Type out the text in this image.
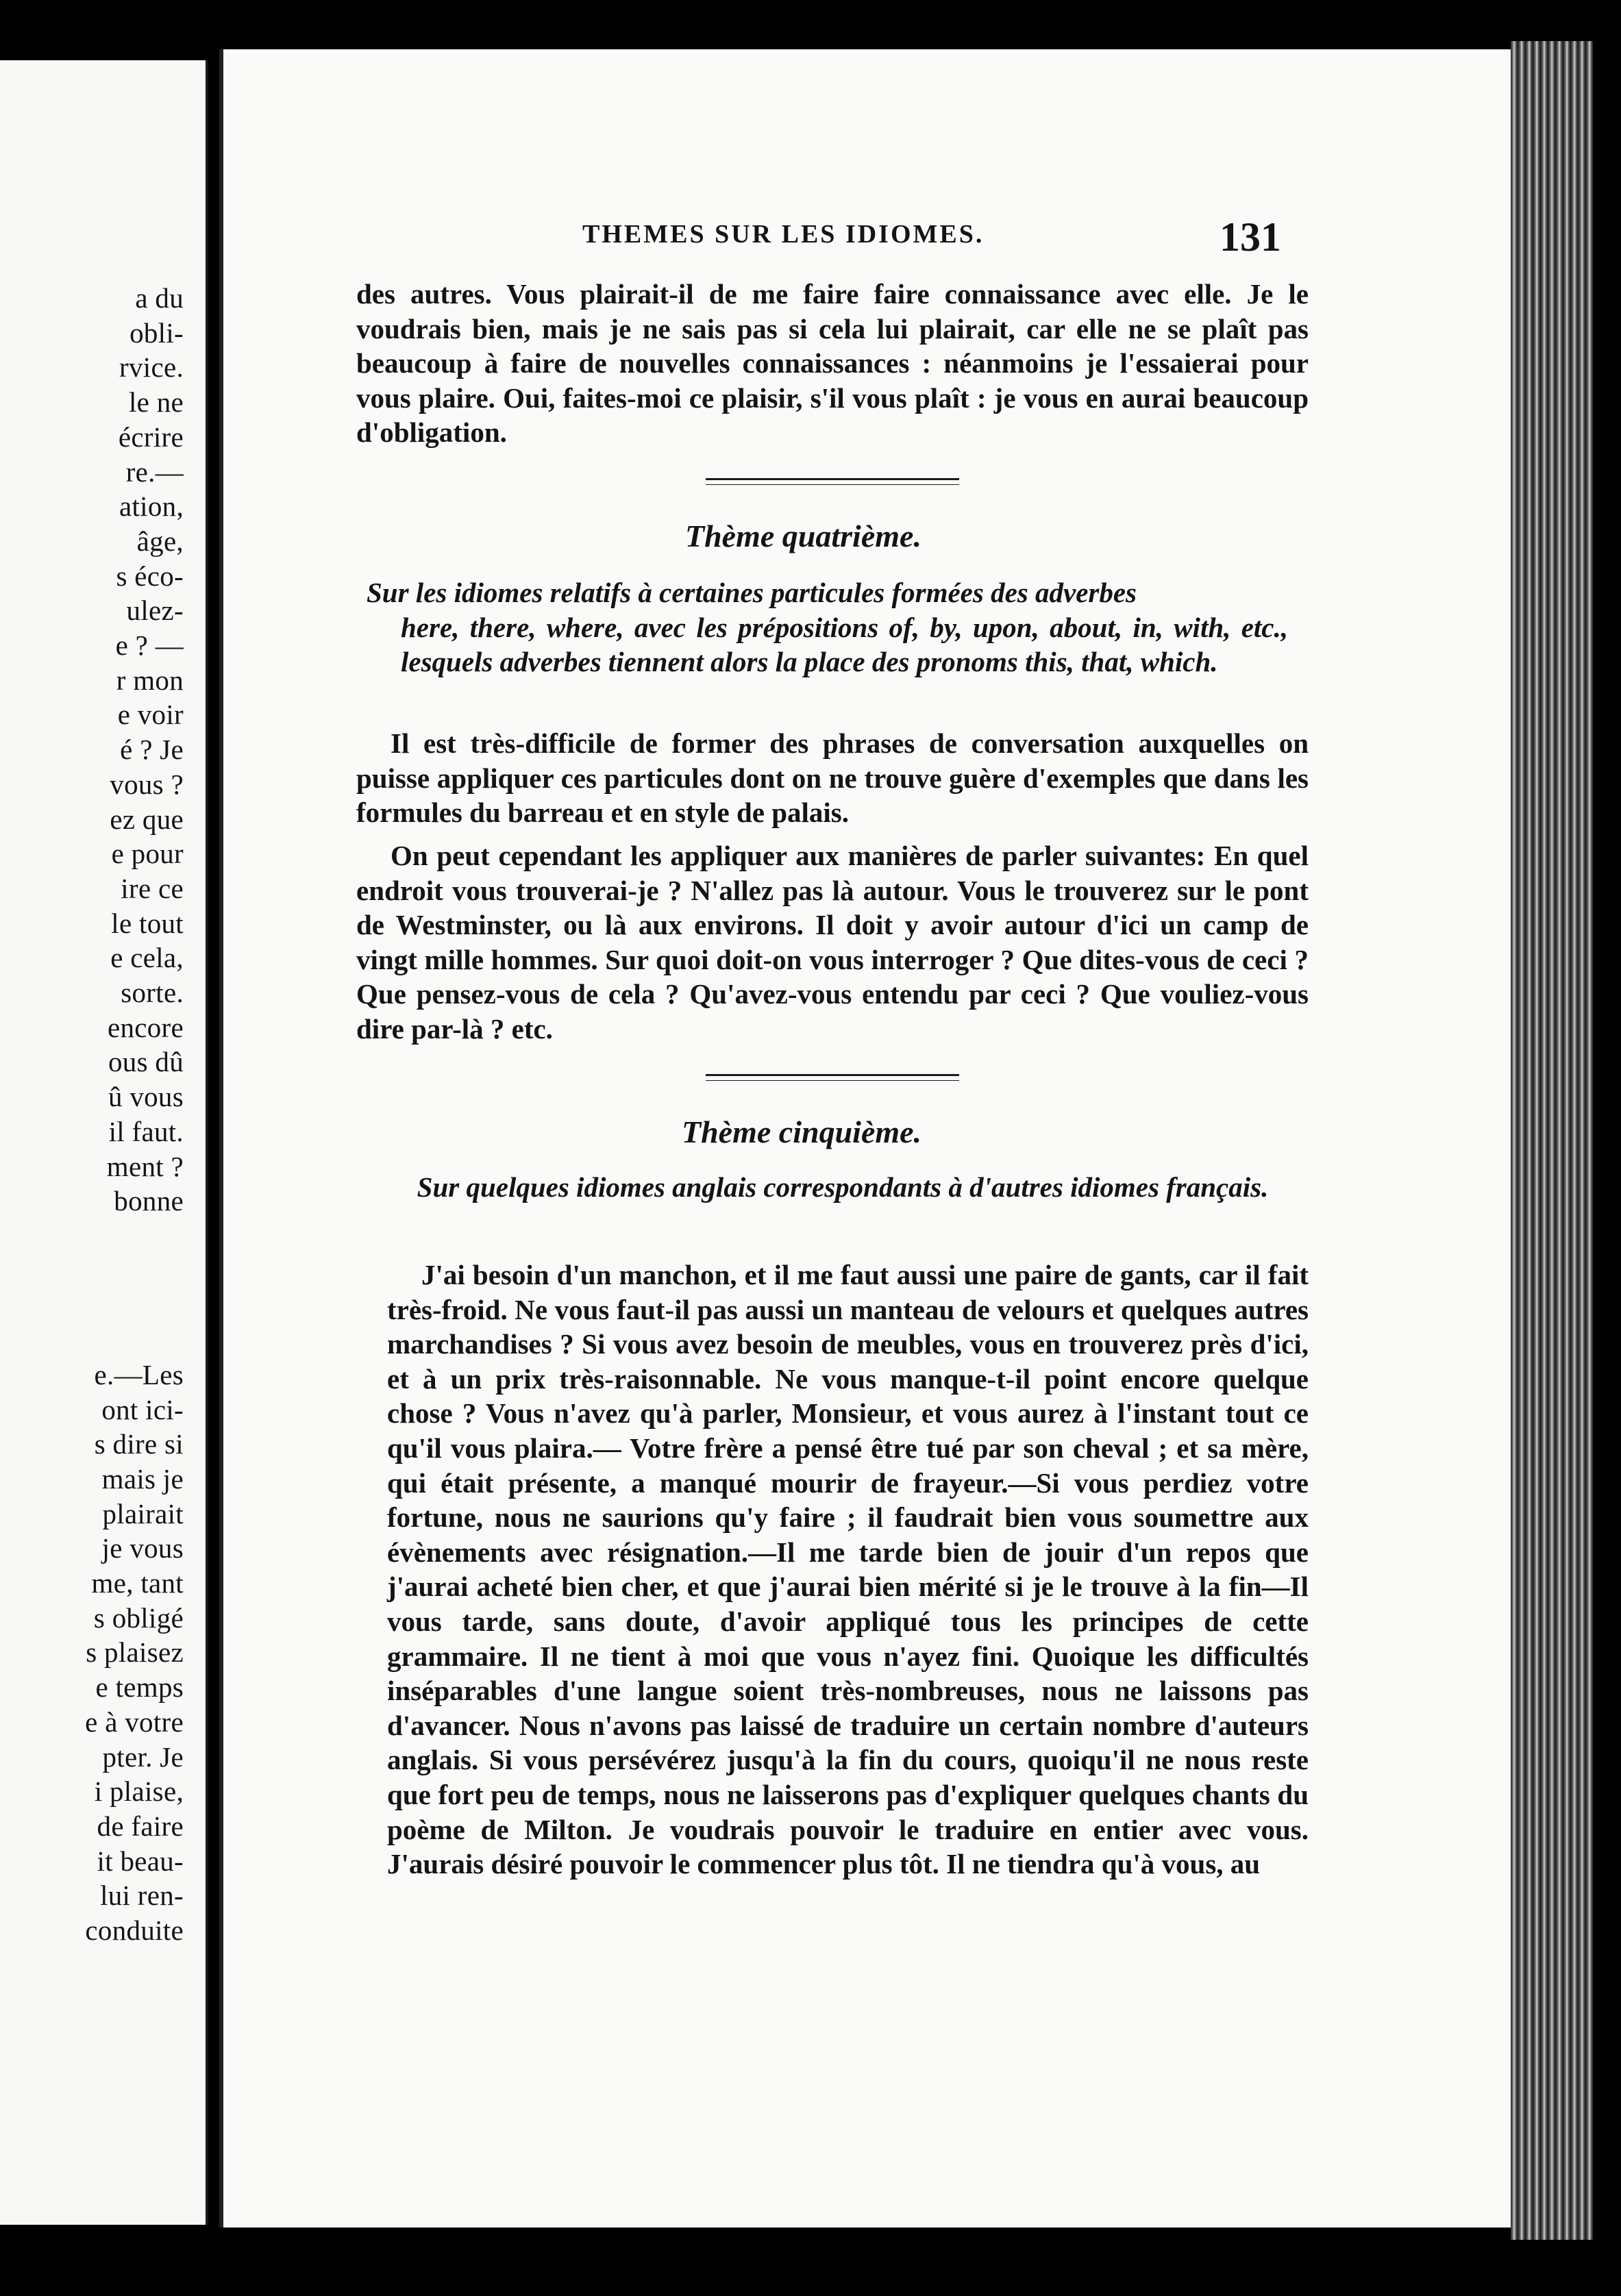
a du
obli-
rvice.
le ne
écrire
re.—
ation,
âge,
s éco-
ulez-
e ? —
r mon
e voir
é ? Je
vous ?
ez que
e pour
ire ce
le tout
e cela,
sorte.
encore
ous dû
û vous
il faut.
ment ?
bonne

e.—Les
ont ici-
s dire si
mais je
plairait
je vous
me, tant
s obligé
s plaisez
e temps
e à votre
pter. Je
i plaise,
de faire
it beau-
lui ren-
conduite
THEMES SUR LES IDIOMES.	131
des autres. Vous plairait-il de me faire faire connaissance avec elle. Je le voudrais bien, mais je ne sais pas si cela lui plairait, car elle ne se plaît pas beaucoup à faire de nouvelles connaissances : néanmoins je l'essaierai pour vous plaire. Oui, faites-moi ce plaisir, s'il vous plaît : je vous en aurai beaucoup d'obligation.
Thème quatrième.
Sur les idiomes relatifs à certaines particules formées des adverbes
here, there, where, avec les prépositions of, by, upon, about, in, with, etc., lesquels adverbes tiennent alors la place des pronoms this, that, which.
Il est très-difficile de former des phrases de conversation auxquelles on puisse appliquer ces particules dont on ne trouve guère d'exemples que dans les formules du barreau et en style de palais.
On peut cependant les appliquer aux manières de parler suivantes: En quel endroit vous trouverai-je ? N'allez pas là autour. Vous le trouverez sur le pont de Westminster, ou là aux environs. Il doit y avoir autour d'ici un camp de vingt mille hommes. Sur quoi doit-on vous interroger ? Que dites-vous de ceci ? Que pensez-vous de cela ? Qu'avez-vous entendu par ceci ? Que vouliez-vous dire par-là ? etc.
Thème cinquième.
Sur quelques idiomes anglais correspondants à d'autres idiomes français.
J'ai besoin d'un manchon, et il me faut aussi une paire de gants, car il fait très-froid. Ne vous faut-il pas aussi un manteau de velours et quelques autres marchandises ? Si vous avez besoin de meubles, vous en trouverez près d'ici, et à un prix très-raisonnable. Ne vous manque-t-il point encore quelque chose ? Vous n'avez qu'à parler, Monsieur, et vous aurez à l'instant tout ce qu'il vous plaira.— Votre frère a pensé être tué par son cheval ; et sa mère, qui était présente, a manqué mourir de frayeur.—Si vous perdiez votre fortune, nous ne saurions qu'y faire ; il faudrait bien vous soumettre aux évènements avec résignation.—Il me tarde bien de jouir d'un repos que j'aurai acheté bien cher, et que j'aurai bien mérité si je le trouve à la fin—Il vous tarde, sans doute, d'avoir appliqué tous les principes de cette grammaire. Il ne tient à moi que vous n'ayez fini. Quoique les difficultés inséparables d'une langue soient très-nombreuses, nous ne laissons pas d'avancer. Nous n'avons pas laissé de traduire un certain nombre d'auteurs anglais. Si vous persévérez jusqu'à la fin du cours, quoiqu'il ne nous reste que fort peu de temps, nous ne laisserons pas d'expliquer quelques chants du poème de Milton. Je voudrais pouvoir le traduire en entier avec vous. J'aurais désiré pouvoir le commencer plus tôt. Il ne tiendra qu'à vous, au
